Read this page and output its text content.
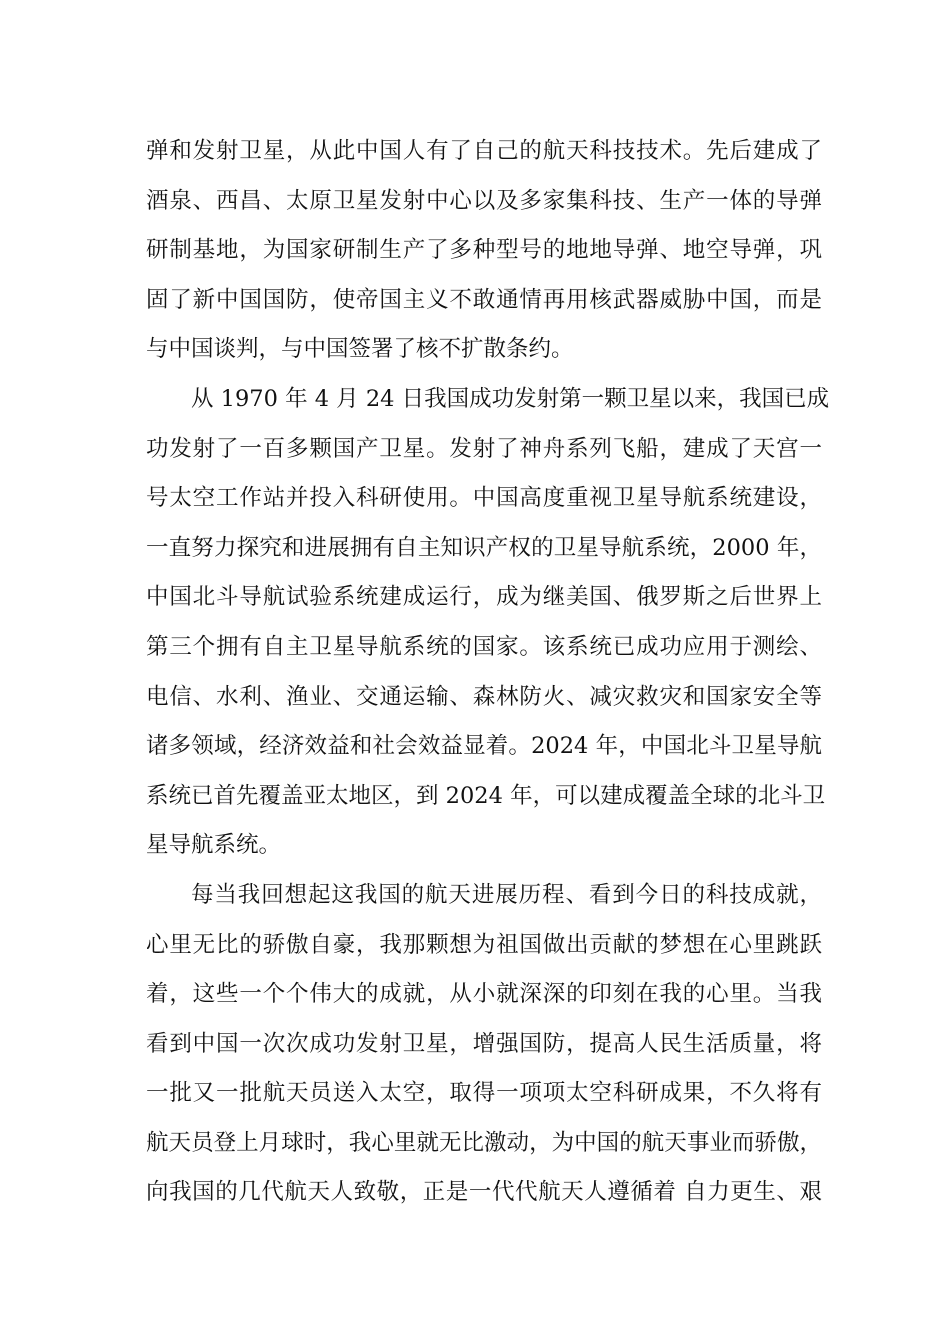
弹和发射卫星，从此中国人有了自己的航天科技技术。先后建成了
酒泉、西昌、太原卫星发射中心以及多家集科技、生产一体的导弹
研制基地，为国家研制生产了多种型号的地地导弹、地空导弹，巩
固了新中国国防，使帝国主义不敢通情再用核武器威胁中国，而是
与中国谈判，与中国签署了核不扩散条约。
从 1970 年 4 月 24 日我国成功发射第一颗卫星以来，我国已成
功发射了一百多颗国产卫星。发射了神舟系列飞船，建成了天宫一
号太空工作站并投入科研使用。中国高度重视卫星导航系统建设，
一直努力探究和进展拥有自主知识产权的卫星导航系统，2000 年，
中国北斗导航试验系统建成运行，成为继美国、俄罗斯之后世界上
第三个拥有自主卫星导航系统的国家。该系统已成功应用于测绘、
电信、水利、渔业、交通运输、森林防火、减灾救灾和国家安全等
诸多领域，经济效益和社会效益显着。2024 年，中国北斗卫星导航
系统已首先覆盖亚太地区，到 2024 年，可以建成覆盖全球的北斗卫
星导航系统。
每当我回想起这我国的航天进展历程、看到今日的科技成就，
心里无比的骄傲自豪，我那颗想为祖国做出贡献的梦想在心里跳跃
着，这些一个个伟大的成就，从小就深深的印刻在我的心里。当我
看到中国一次次成功发射卫星，增强国防，提高人民生活质量，将
一批又一批航天员送入太空，取得一项项太空科研成果，不久将有
航天员登上月球时，我心里就无比激动，为中国的航天事业而骄傲，
向我国的几代航天人致敬，正是一代代航天人遵循着 自力更生、艰
